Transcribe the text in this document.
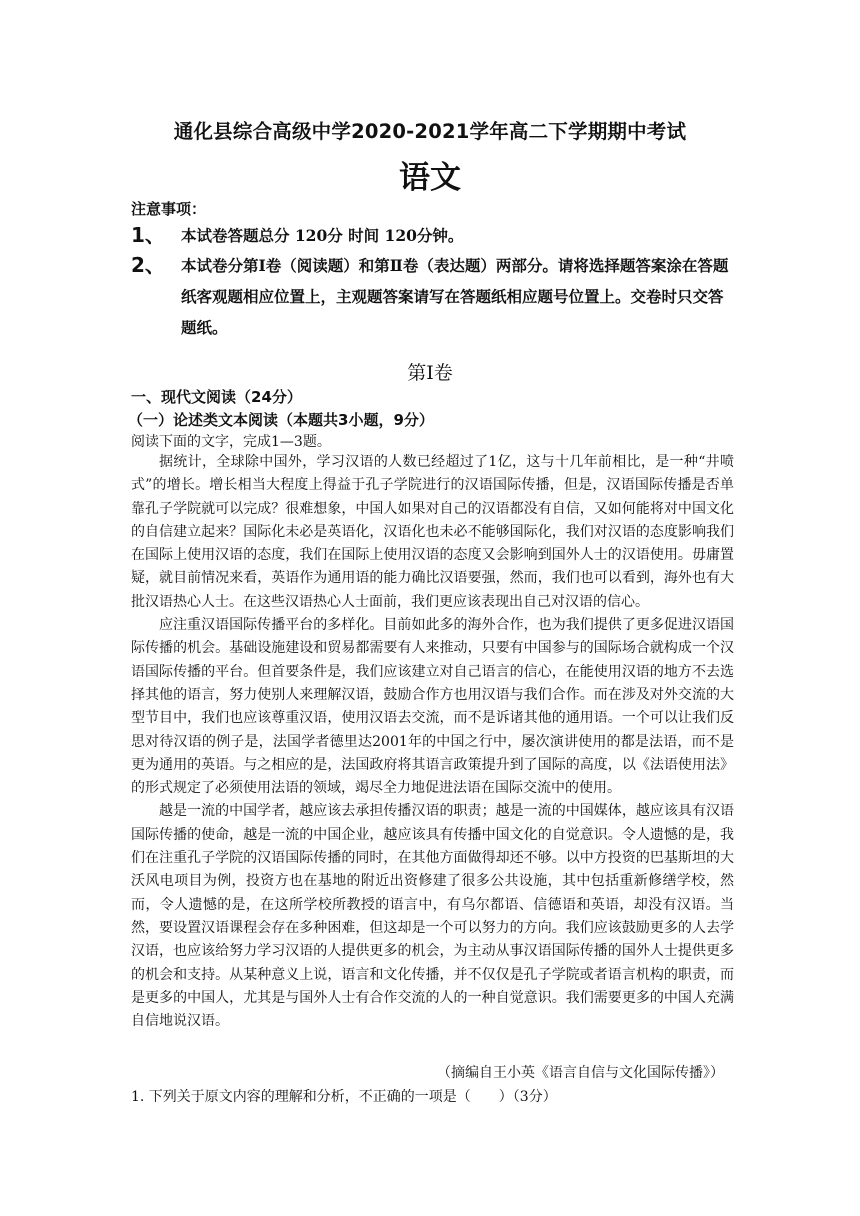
通化县综合高级中学2020-2021学年高二下学期期中考试
语文
注意事项：
1、 本试卷答题总分 120分 时间 120分钟。
2、 本试卷分第Ⅰ卷（阅读题）和第Ⅱ卷（表达题）两部分。请将选择题答案涂在答题纸客观题相应位置上，主观题答案请写在答题纸相应题号位置上。交卷时只交答题纸。
第Ⅰ卷
一、现代文阅读（24分）
（一）论述类文本阅读（本题共3小题，9分）
阅读下面的文字，完成1—3题。

据统计，全球除中国外，学习汉语的人数已经超过了1亿，这与十几年前相比，是一种“井喷式”的增长。增长相当大程度上得益于孔子学院进行的汉语国际传播，但是，汉语国际传播是否单靠孔子学院就可以完成？很难想象，中国人如果对自己的汉语都没有自信，又如何能将对中国文化的自信建立起来？国际化未必是英语化，汉语化也未必不能够国际化，我们对汉语的态度影响我们在国际上使用汉语的态度，我们在国际上使用汉语的态度又会影响到国外人士的汉语使用。毋庸置疑，就目前情况来看，英语作为通用语的能力确比汉语要强，然而，我们也可以看到，海外也有大批汉语热心人士。在这些汉语热心人士面前，我们更应该表现出自己对汉语的信心。

应注重汉语国际传播平台的多样化。目前如此多的海外合作，也为我们提供了更多促进汉语国际传播的机会。基础设施建设和贸易都需要有人来推动，只要有中国参与的国际场合就构成一个汉语国际传播的平台。但首要条件是，我们应该建立对自己语言的信心，在能使用汉语的地方不去选择其他的语言，努力使别人来理解汉语，鼓励合作方也用汉语与我们合作。而在涉及对外交流的大型节目中，我们也应该尊重汉语，使用汉语去交流，而不是诉诸其他的通用语。一个可以让我们反思对待汉语的例子是，法国学者德里达2001年的中国之行中，屡次演讲使用的都是法语，而不是更为通用的英语。与之相应的是，法国政府将其语言政策提升到了国际的高度，以《法语使用法》的形式规定了必须使用法语的领域，竭尽全力地促进法语在国际交流中的使用。

越是一流的中国学者，越应该去承担传播汉语的职责；越是一流的中国媒体，越应该具有汉语国际传播的使命，越是一流的中国企业，越应该具有传播中国文化的自觉意识。令人遗憾的是，我们在注重孔子学院的汉语国际传播的同时，在其他方面做得却还不够。以中方投资的巴基斯坦的大沃风电项目为例，投资方也在基地的附近出资修建了很多公共设施，其中包括重新修缮学校，然而，令人遗憾的是，在这所学校所教授的语言中，有乌尔都语、信德语和英语，却没有汉语。当然，要设置汉语课程会存在多种困难，但这却是一个可以努力的方向。我们应该鼓励更多的人去学汉语，也应该给努力学习汉语的人提供更多的机会，为主动从事汉语国际传播的国外人士提供更多的机会和支持。从某种意义上说，语言和文化传播，并不仅仅是孔子学院或者语言机构的职责，而是更多的中国人，尤其是与国外人士有合作交流的人的一种自觉意识。我们需要更多的中国人充满自信地说汉语。

（摘编自王小英《语言自信与文化国际传播》）
1. 下列关于原文内容的理解和分析，不正确的一项是（　　）（3分）
